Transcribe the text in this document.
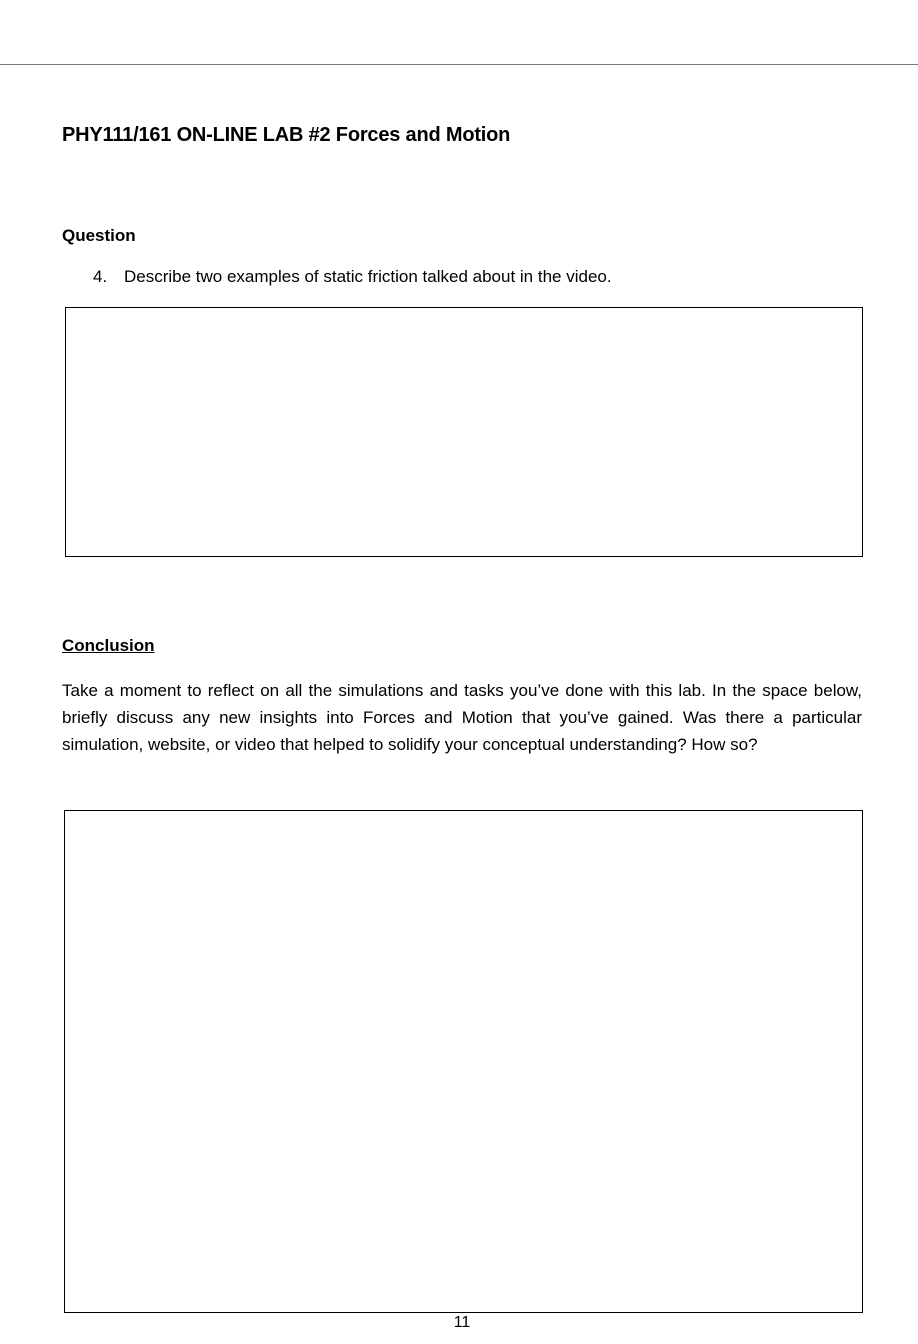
PHY111/161 ON-LINE LAB #2 Forces and Motion
Question
4. Describe two examples of static friction talked about in the video.
Conclusion

Take a moment to reflect on all the simulations and tasks you’ve done with this lab. In the space below, briefly discuss any new insights into Forces and Motion that you’ve gained. Was there a particular simulation, website, or video that helped to solidify your conceptual understanding? How so?

11
